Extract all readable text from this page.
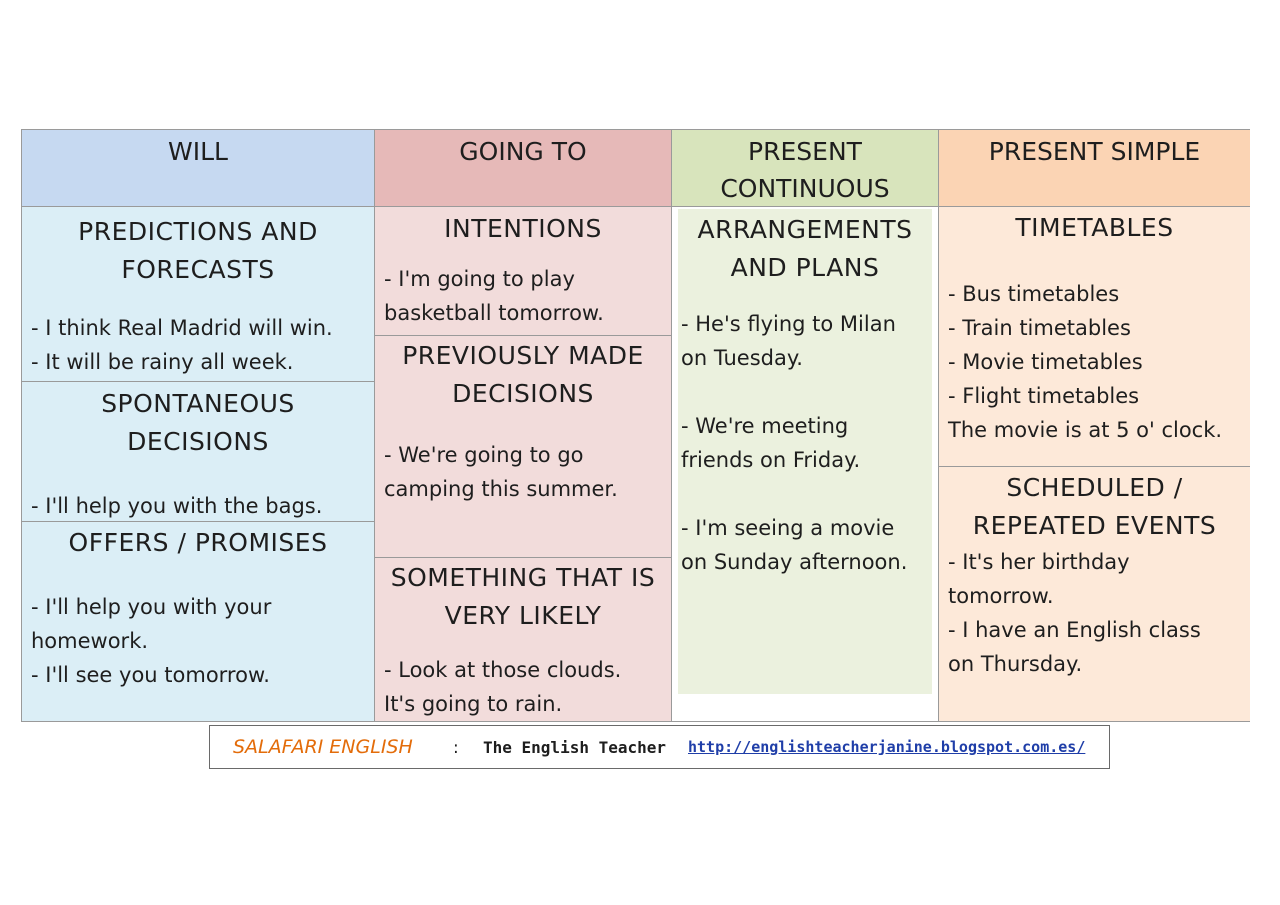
WILL
PREDICTIONS AND FORECASTS
- I think Real Madrid will win.
- It will be rainy all week.
SPONTANEOUS DECISIONS
- I'll help you with the bags.
OFFERS / PROMISES
- I'll help you with your
homework.
- I'll see you tomorrow.
GOING TO
INTENTIONS
- I'm going to play
basketball tomorrow.
PREVIOUSLY MADE DECISIONS
- We're going to go
camping this summer.
SOMETHING THAT IS VERY LIKELY
- Look at those clouds.
It's going to rain.
PRESENT CONTINUOUS
ARRANGEMENTS AND PLANS
- He's flying to Milan
on Tuesday.
- We're meeting
friends on Friday.
- I'm seeing a movie
on Sunday afternoon.
PRESENT SIMPLE
TIMETABLES
- Bus timetables
- Train timetables
- Movie timetables
- Flight timetables
The movie is at 5 o' clock.
SCHEDULED / REPEATED EVENTS
- It's her birthday
tomorrow.
- I have an English class
on Thursday.
SALAFARI ENGLISH : The English Teacher http://englishteacherjanine.blogspot.com.es/
